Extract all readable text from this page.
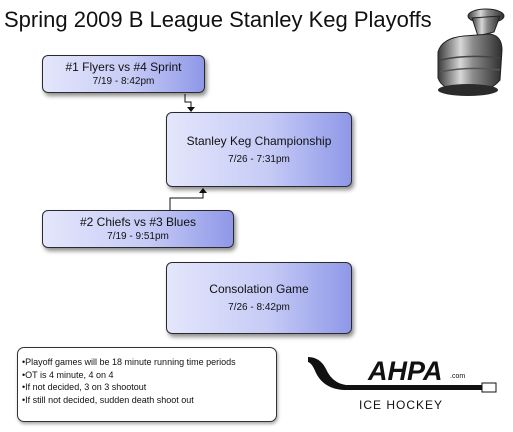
Spring 2009 B League Stanley Keg Playoffs
#1 Flyers vs #4 Sprint
7/19 - 8:42pm
Stanley Keg Championship
7/26 - 7:31pm
#2 Chiefs vs #3 Blues
7/19 - 9:51pm
Consolation Game
7/26 - 8:42pm
• Playoff games will be 18 minute running time periods
• OT is 4 minute, 4 on 4
• If not decided, 3 on 3 shootout
• If still not decided, sudden death shoot out
AHPA .com
ICE HOCKEY
